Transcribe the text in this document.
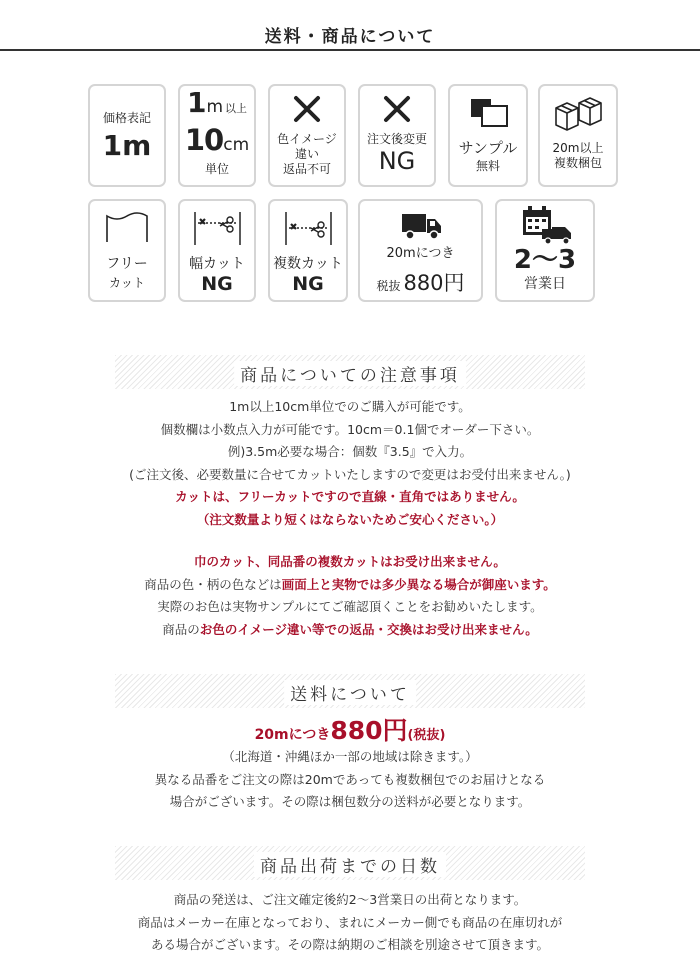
送料・商品について
価格表記
1m
1m 以上
10cm
単位
色イメージ
違い
返品不可
注文後変更
NG	サンプル
無料
20m以上
複数梱包
フリー
カット
幅カット
NG
複数カット
NG
20mにつき
税抜 880円
2〜3
営業日
商品についての注意事項
1m以上10cm単位でのご購入が可能です。
個数欄は小数点入力が可能です。10cm＝0.1個でオーダー下さい。
例)3.5m必要な場合：個数『3.5』で入力。
(ご注文後、必要数量に合せてカットいたしますので変更はお受付出来ません。)
カットは、フリーカットですので直線・直角ではありません。
（注文数量より短くはならないためご安心ください。）
巾のカット、同品番の複数カットはお受け出来ません。
商品の色・柄の色などは画面上と実物では多少異なる場合が御座います。
実際のお色は実物サンプルにてご確認頂くことをお勧めいたします。
商品のお色のイメージ違い等での返品・交換はお受け出来ません。
送料について
20mにつき880円(税抜)
（北海道・沖縄ほか一部の地域は除きます。）
異なる品番をご注文の際は20mであっても複数梱包でのお届けとなる
場合がございます。その際は梱包数分の送料が必要となります。
商品出荷までの日数
商品の発送は、ご注文確定後約2〜3営業日の出荷となります。
商品はメーカー在庫となっており、まれにメーカー側でも商品の在庫切れが
ある場合がございます。その際は納期のご相談を別途させて頂きます。
